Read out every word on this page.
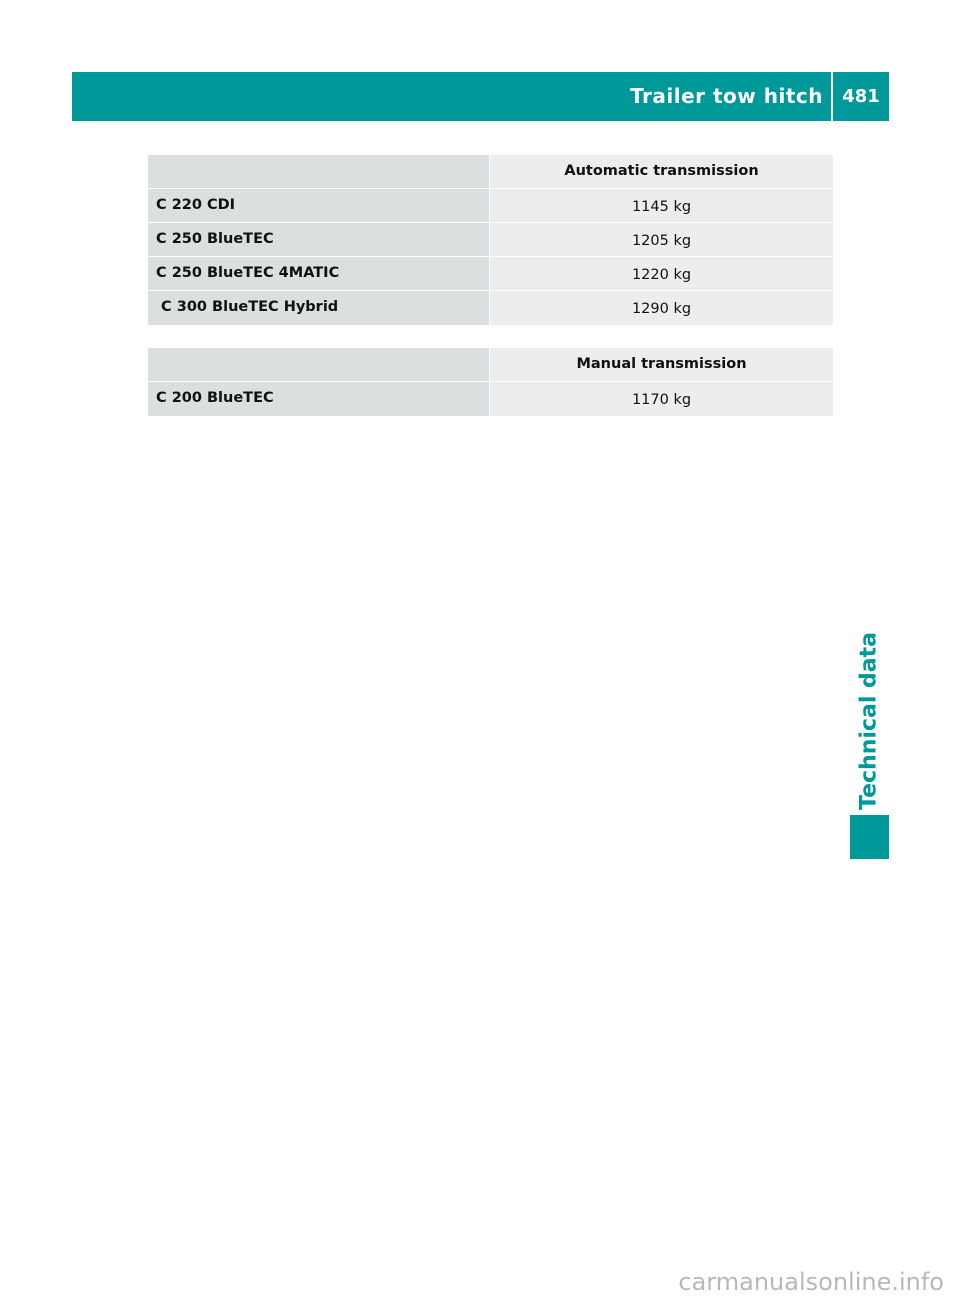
Trailer tow hitch	481
Automatic transmission
C 220 CDI	1145 kg
C 250 BlueTEC	1205 kg
C 250 BlueTEC 4MATIC	1220 kg
C 300 BlueTEC Hybrid	1290 kg
Manual transmission
C 200 BlueTEC	1170 kg
Technical data
carmanualsonline.info
